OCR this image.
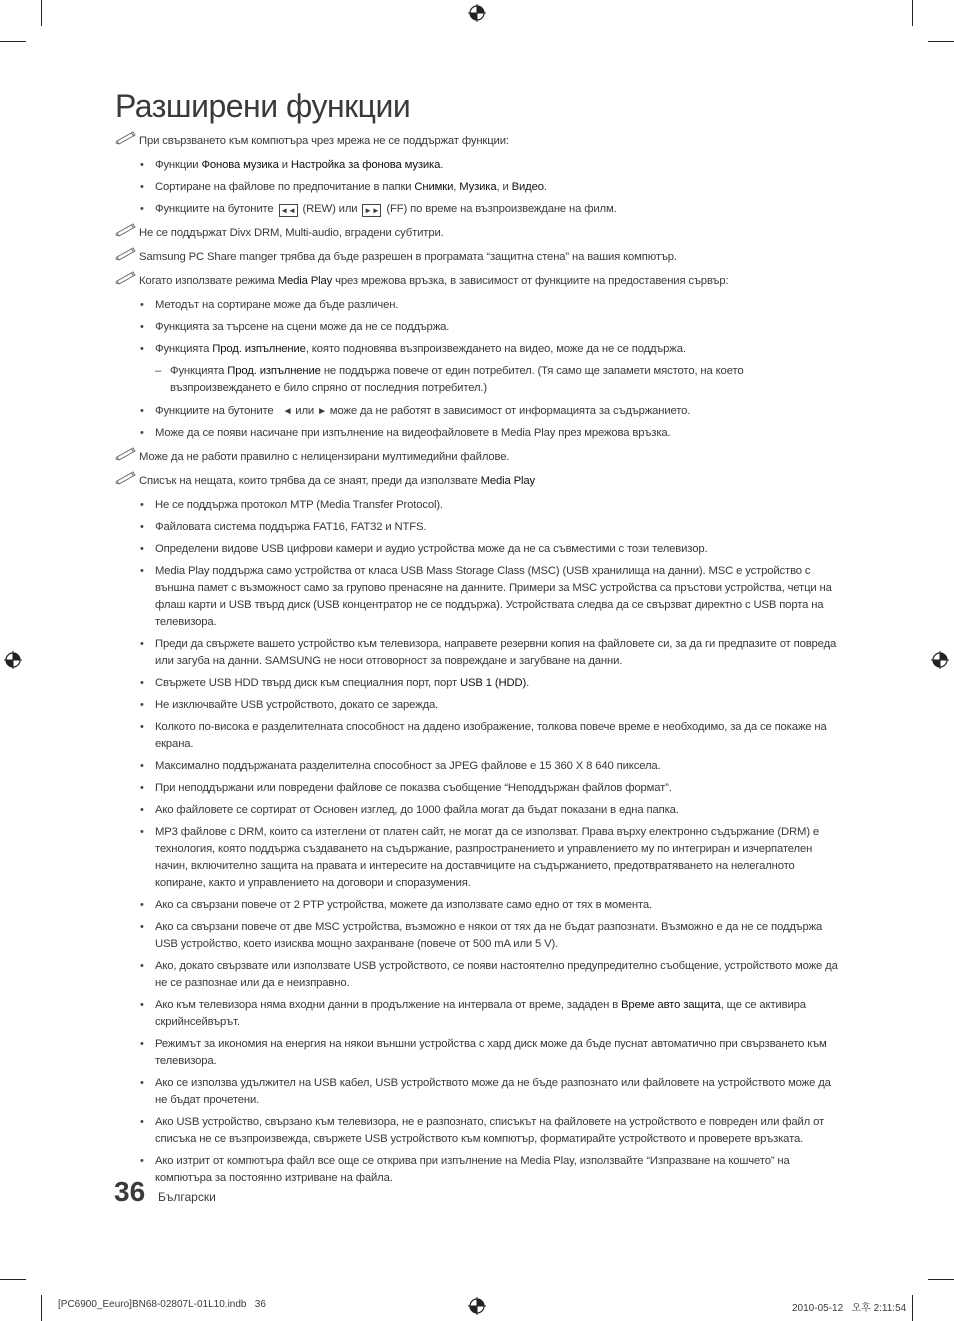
Разширени функции
При свързването към компютъра чрез мрежа не се поддържат функции:
• Функции Фонова музика и Настройка за фонова музика.
• Сортиране на файлове по предпочитание в папки Снимки, Музика, и Видео.
• Функциите на бутоните ◄◄ (REW) или ►► (FF) по време на възпроизвеждане на филм.
Не се поддържат Divx DRM, Multi-audio, вградени субтитри.
Samsung PC Share manger трябва да бъде разрешен в програмата “защитна стена” на вашия компютър.
Когато използвате режима Media Play чрез мрежова връзка, в зависимост от функциите на предоставения сървър:
• Методът на сортиране може да бъде различен.
• Функцията за търсене на сцени може да не се поддържа.
• Функцията Прод. изпълнение, която подновява възпроизвеждането на видео, може да не се поддържа.
– Функцията Прод. изпълнение не поддържа повече от един потребител. (Тя само ще запамети мястото, на което възпроизвеждането е било спряно от последния потребител.)
• Функциите на бутоните ◄ или ► може да не работят в зависимост от информацията за съдържанието.
• Може да се появи насичане при изпълнение на видеофайловете в Media Play през мрежова връзка.
Може да не работи правилно с нелицензирани мултимедийни файлове.
Списък на нещата, които трябва да се знаят, преди да използвате Media Play
• Не се поддържа протокол MTP (Media Transfer Protocol).
• Файловата система поддържа FAT16, FAT32 и NTFS.
• Определени видове USB цифрови камери и аудио устройства може да не са съвместими с този телевизор.
• Media Play поддържа само устройства от класа USB Mass Storage Class (MSC) (USB хранилища на данни). MSC е устройство с външна памет с възможност само за групово пренасяне на данните. Примери за MSC устройства са пръстови устройства, четци на флаш карти и USB твърд диск (USB концентратор не се поддържа). Устройствата следва да се свързват директно с USB порта на телевизора.
• Преди да свържете вашето устройство към телевизора, направете резервни копия на файловете си, за да ги предпазите от повреда или загуба на данни. SAMSUNG не носи отговорност за повреждане и загубване на данни.
• Свържете USB HDD твърд диск към специалния порт, порт USB 1 (HDD).
• Не изключвайте USB устройството, докато се зарежда.
• Колкото по-висока е разделителната способност на дадено изображение, толкова повече време е необходимо, за да се покаже на екрана.
• Максимално поддържаната разделителна способност за JPEG файлове е 15 360 X 8 640 пиксела.
• При неподдържани или повредени файлове се показва съобщение “Неподдържан файлов формат”.
• Ако файловете се сортират от Основен изглед, до 1000 файла могат да бъдат показани в една папка.
• MP3 файлове с DRM, които са изтеглени от платен сайт, не могат да се използват. Права върху електронно съдържание (DRM) е технология, която поддържа създаването на съдържание, разпространението и управлението му по интегриран и изчерпателен начин, включително защита на правата и интересите на доставчиците на съдържанието, предотвратяването на нелегалното копиране, както и управлението на договори и споразумения.
• Ако са свързани повече от 2 PTP устройства, можете да използвате само едно от тях в момента.
• Ако са свързани повече от две MSC устройства, възможно е някои от тях да не бъдат разпознати. Възможно е да не се поддържа USB устройство, което изисква мощно захранване (повече от 500 mA или 5 V).
• Ако, докато свързвате или използвате USB устройството, се появи настоятелно предупредително съобщение, устройството може да не се разпознае или да е неизправно.
• Ако към телевизора няма входни данни в продължение на интервала от време, зададен в Време авто защита, ще се активира скрийнсейвърът.
• Режимът за икономия на енергия на някои външни устройства с хард диск може да бъде пуснат автоматично при свързването към телевизора.
• Ако се използва удължител на USB кабел, USB устройството може да не бъде разпознато или файловете на устройството може да не бъдат прочетени.
• Ако USB устройство, свързано към телевизора, не е разпознато, списъкът на файловете на устройството е повреден или файл от списъка не се възпроизвежда, свържете USB устройството към компютър, форматирайте устройството и проверете връзката.
• Ако изтрит от компютъра файл все още се открива при изпълнение на Media Play, използвайте “Изпразване на кошчето” на компютъра за постоянно изтриване на файла.
36 Български
[PC6900_Eeuro]BN68-02807L-01L10.indb   36	2010-05-12   오후 2:11:54
